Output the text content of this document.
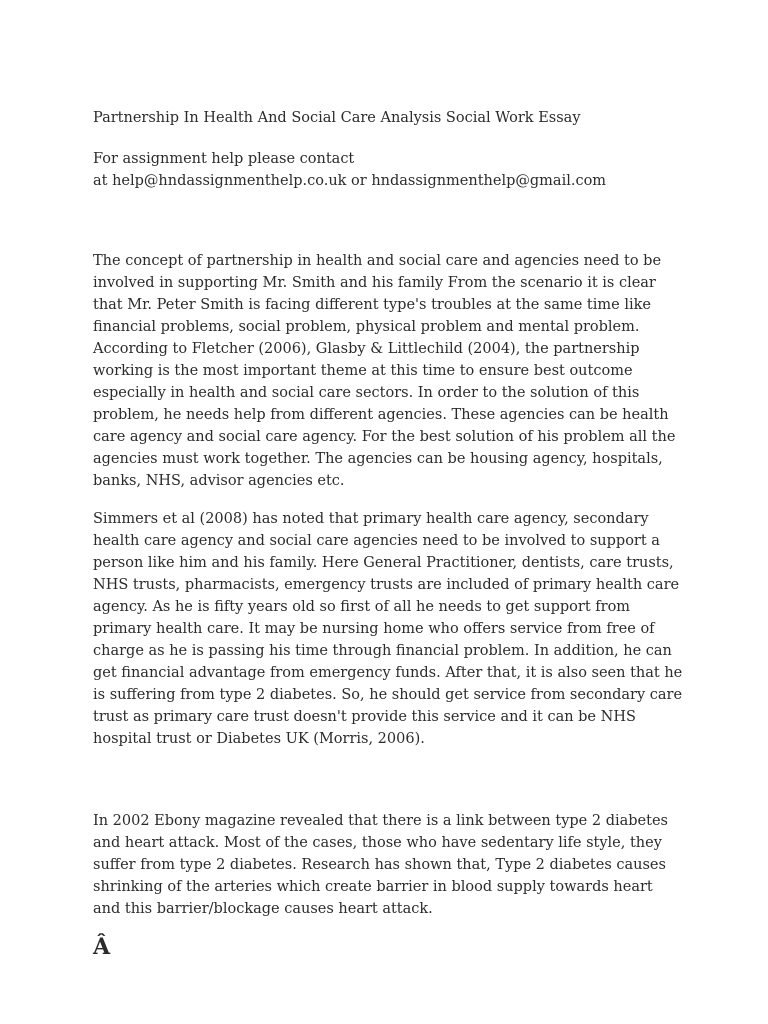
Partnership In Health And Social Care Analysis Social Work Essay

For assignment help please contact
at help@hndassignmenthelp.co.uk or hndassignmenthelp@gmail.com

The concept of partnership in health and social care and agencies need to be involved in supporting Mr. Smith and his family From the scenario it is clear that Mr. Peter Smith is facing different type's troubles at the same time like financial problems, social problem, physical problem and mental problem. According to Fletcher (2006), Glasby & Littlechild (2004), the partnership working is the most important theme at this time to ensure best outcome especially in health and social care sectors. In order to the solution of this problem, he needs help from different agencies. These agencies can be health care agency and social care agency. For the best solution of his problem all the agencies must work together. The agencies can be housing agency, hospitals, banks, NHS, advisor agencies etc.

Simmers et al (2008) has noted that primary health care agency, secondary health care agency and social care agencies need to be involved to support a person like him and his family. Here General Practitioner, dentists, care trusts, NHS trusts, pharmacists, emergency trusts are included of primary health care agency. As he is fifty years old so first of all he needs to get support from primary health care. It may be nursing home who offers service from free of charge as he is passing his time through financial problem. In addition, he can get financial advantage from emergency funds. After that, it is also seen that he is suffering from type 2 diabetes. So, he should get service from secondary care trust as primary care trust doesn't provide this service and it can be NHS hospital trust or Diabetes UK (Morris, 2006).

In 2002 Ebony magazine revealed that there is a link between type 2 diabetes and heart attack. Most of the cases, those who have sedentary life style, they suffer from type 2 diabetes. Research has shown that, Type 2 diabetes causes shrinking of the arteries which create barrier in blood supply towards heart and this barrier/blockage causes heart attack.

Â
